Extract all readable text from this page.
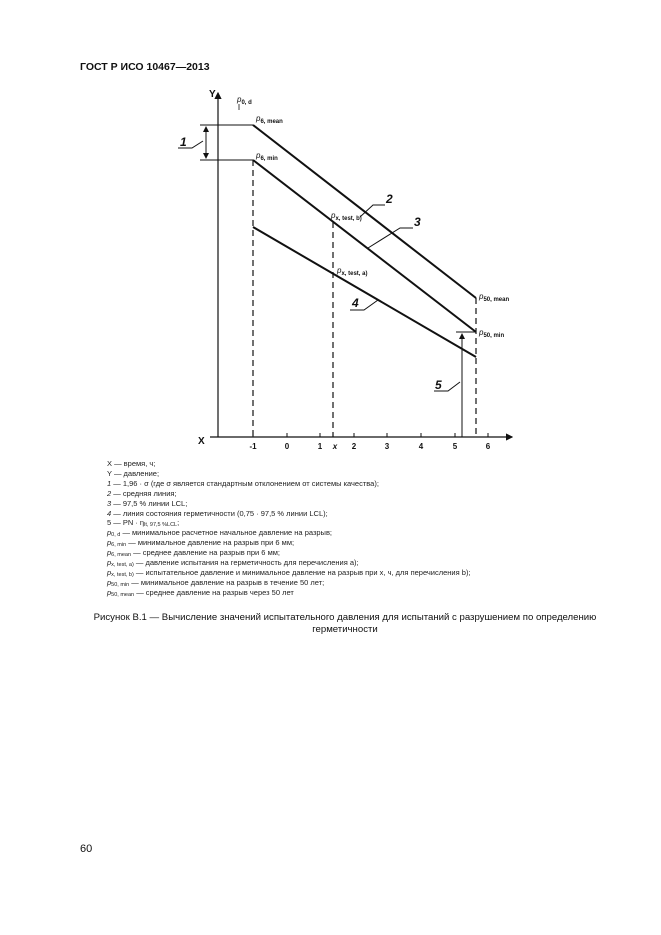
ГОСТ Р ИСО 10467—2013
Y
X	-1	0	1 x 2	3	4	5	6
$p_{0, d}$
$p_{6, mean}$
$p_{6, min}$
$p_{x, test, b)}$
$p_{x, test, a)}$
$p_{50, mean}$
$p_{50, min}$
1
2
3
4
5
X — время, ч;
Y — давление;
1 — 1,96 · σ (где σ является стандартным отклонением от системы качества);
2 — средняя линия;
3 — 97,5 % линии LCL;
4 — линия состояния герметичности (0,75 · 97,5 % линии LCL);
5 — PN · $\eta_{lt, 97,5 \%LCL}$;
$p_{0, d}$ — минимальное расчетное начальное давление на разрыв;
$p_{6, min}$ — минимальное давление на разрыв при 6 мм;
$p_{6, mean}$ — среднее давление на разрыв при 6 мм;
$p_{x, test, a)}$ — давление испытания на герметичность для перечисления а);
$p_{x, test, b)}$ — испытательное давление и минимальное давление на разрыв при x, ч, для перечисления b);
$p_{50, min}$ — минимальное давление на разрыв в течение 50 лет;
$p_{50, mean}$ — среднее давление на разрыв через 50 лет
Рисунок В.1 — Вычисление значений испытательного давления для испытаний с разрушением по определению герметичности
60
